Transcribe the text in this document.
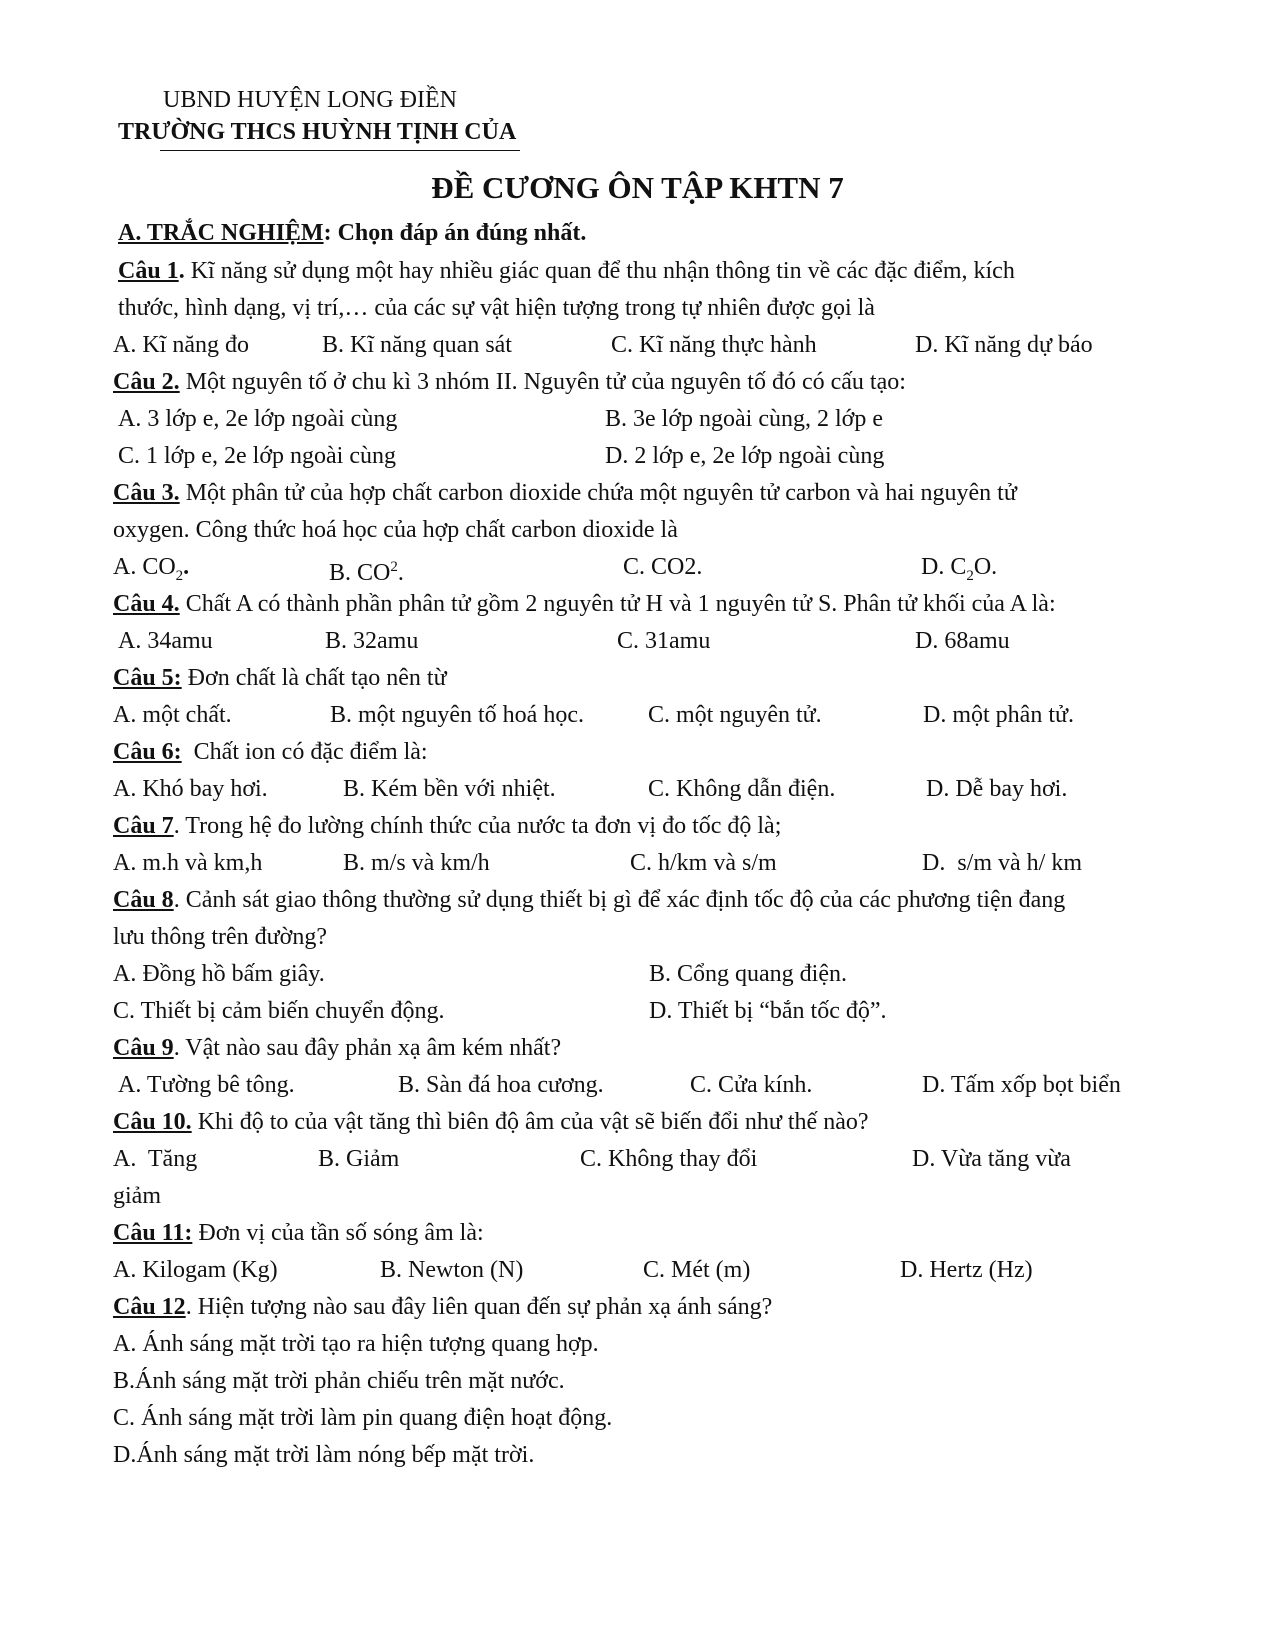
UBND HUYỆN LONG ĐIỀN
TRƯỜNG THCS HUỲNH TỊNH CỦA
ĐỀ CƯƠNG ÔN TẬP KHTN 7
A. TRẮC NGHIỆM: Chọn đáp án đúng nhất.
Câu 1. Kĩ năng sử dụng một hay nhiều giác quan để thu nhận thông tin về các đặc điểm, kích
thước, hình dạng, vị trí,… của các sự vật hiện tượng trong tự nhiên được gọi là
A. Kĩ năng đo	B. Kĩ năng quan sát	C. Kĩ năng thực hành	D. Kĩ năng dự báo
Câu 2. Một nguyên tố ở chu kì 3 nhóm II. Nguyên tử của nguyên tố đó có cấu tạo:
A. 3 lớp e, 2e lớp ngoài cùng	B. 3e lớp ngoài cùng, 2 lớp e
C. 1 lớp e, 2e lớp ngoài cùng	D. 2 lớp e, 2e lớp ngoài cùng
Câu 3. Một phân tử của hợp chất carbon dioxide chứa một nguyên tử carbon và hai nguyên tử
oxygen. Công thức hoá học của hợp chất carbon dioxide là
A. $CO_2$.	B. $CO^2$.	C. CO2.	D. $C_2O$.
Câu 4. Chất A có thành phần phân tử gồm 2 nguyên tử H và 1 nguyên tử S. Phân tử khối của A là:
A. 34amu	B. 32amu	C. 31amu	D. 68amu
Câu 5: Đơn chất là chất tạo nên từ
A. một chất.	B. một nguyên tố hoá học.	C. một nguyên tử.	D. một phân tử.
Câu 6:  Chất ion có đặc điểm là:
A. Khó bay hơi.	B. Kém bền với nhiệt.	C. Không dẫn điện.	D. Dễ bay hơi.
Câu 7. Trong hệ đo lường chính thức của nước ta đơn vị đo tốc độ là;
A. m.h và km,h	B. m/s và km/h	C. h/km và s/m	D.  s/m và h/ km
Câu 8. Cảnh sát giao thông thường sử dụng thiết bị gì để xác định tốc độ của các phương tiện đang
lưu thông trên đường?
A. Đồng hồ bấm giây.	B. Cổng quang điện.
C. Thiết bị cảm biến chuyển động.	D. Thiết bị “bắn tốc độ”.
Câu 9. Vật nào sau đây phản xạ âm kém nhất?
A. Tường bê tông.	B. Sàn đá hoa cương.	C. Cửa kính.	D. Tấm xốp bọt biển
Câu 10. Khi độ to của vật tăng thì biên độ âm của vật sẽ biến đổi như thế nào?
A.  Tăng	B. Giảm	C. Không thay đổi	D. Vừa tăng vừa
giảm
Câu 11: Đơn vị của tần số sóng âm là:
A. Kilogam (Kg)	B. Newton (N)	C. Mét (m)	D. Hertz (Hz)
Câu 12. Hiện tượng nào sau đây liên quan đến sự phản xạ ánh sáng?
A. Ánh sáng mặt trời tạo ra hiện tượng quang hợp.
B.Ánh sáng mặt trời phản chiếu trên mặt nước.
C. Ánh sáng mặt trời làm pin quang điện hoạt động.
D.Ánh sáng mặt trời làm nóng bếp mặt trời.
